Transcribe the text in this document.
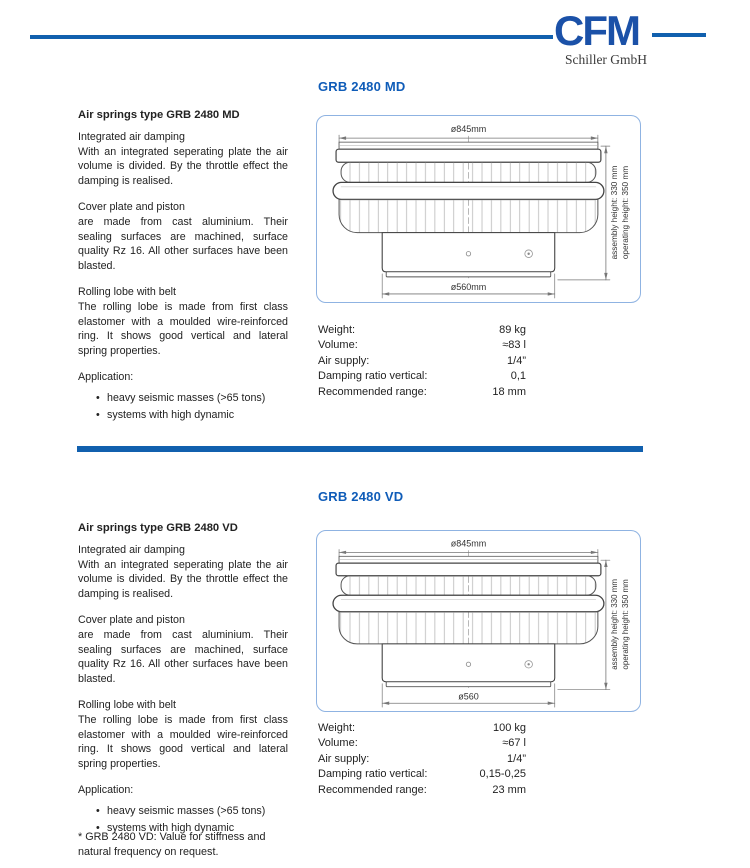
CFM
Schiller GmbH
GRB 2480 MD
Air springs type GRB 2480 MD
Integrated air damping
With an integrated seperating plate the air volume is divided. By the throttle effect the damping is realised.
Cover plate and piston
are made from cast aluminium. Their sealing surfaces are machined, surface quality Rz 16. All other surfaces have been blasted.
Rolling lobe with belt
The rolling lobe is made from first class elastomer with a moulded wire-reinforced ring. It shows good vertical and lateral spring properties.
Application:
• heavy seismic masses (>65 tons)
• systems with high dynamic
ø845mm
ø560mm
assembly height: 330 mm operating height: 350 mm
Weight:	89 kg
Volume:	≈83 l
Air supply:	1/4”
Damping ratio vertical:	0,1
Recommended range:	18 mm
GRB 2480 VD
Air springs type GRB 2480 VD
Integrated air damping
With an integrated seperating plate the air volume is divided. By the throttle effect the damping is realised.
Cover plate and piston
are made from cast aluminium. Their sealing surfaces are machined, surface quality Rz 16. All other surfaces have been blasted.
Rolling lobe with belt
The rolling lobe is made from first class elastomer with a moulded wire-reinforced ring. It shows good vertical and lateral spring properties.
Application:
• heavy seismic masses (>65 tons)
• systems with high dynamic
ø845mm
ø560
assembly height: 330 mm operating height: 350 mm
Weight:	100 kg
Volume:	≈67 l
Air supply:	1/4”
Damping ratio vertical:	0,15-0,25
Recommended range:	23 mm
* GRB 2480 VD: Value for stiffness and natural frequency on request.
